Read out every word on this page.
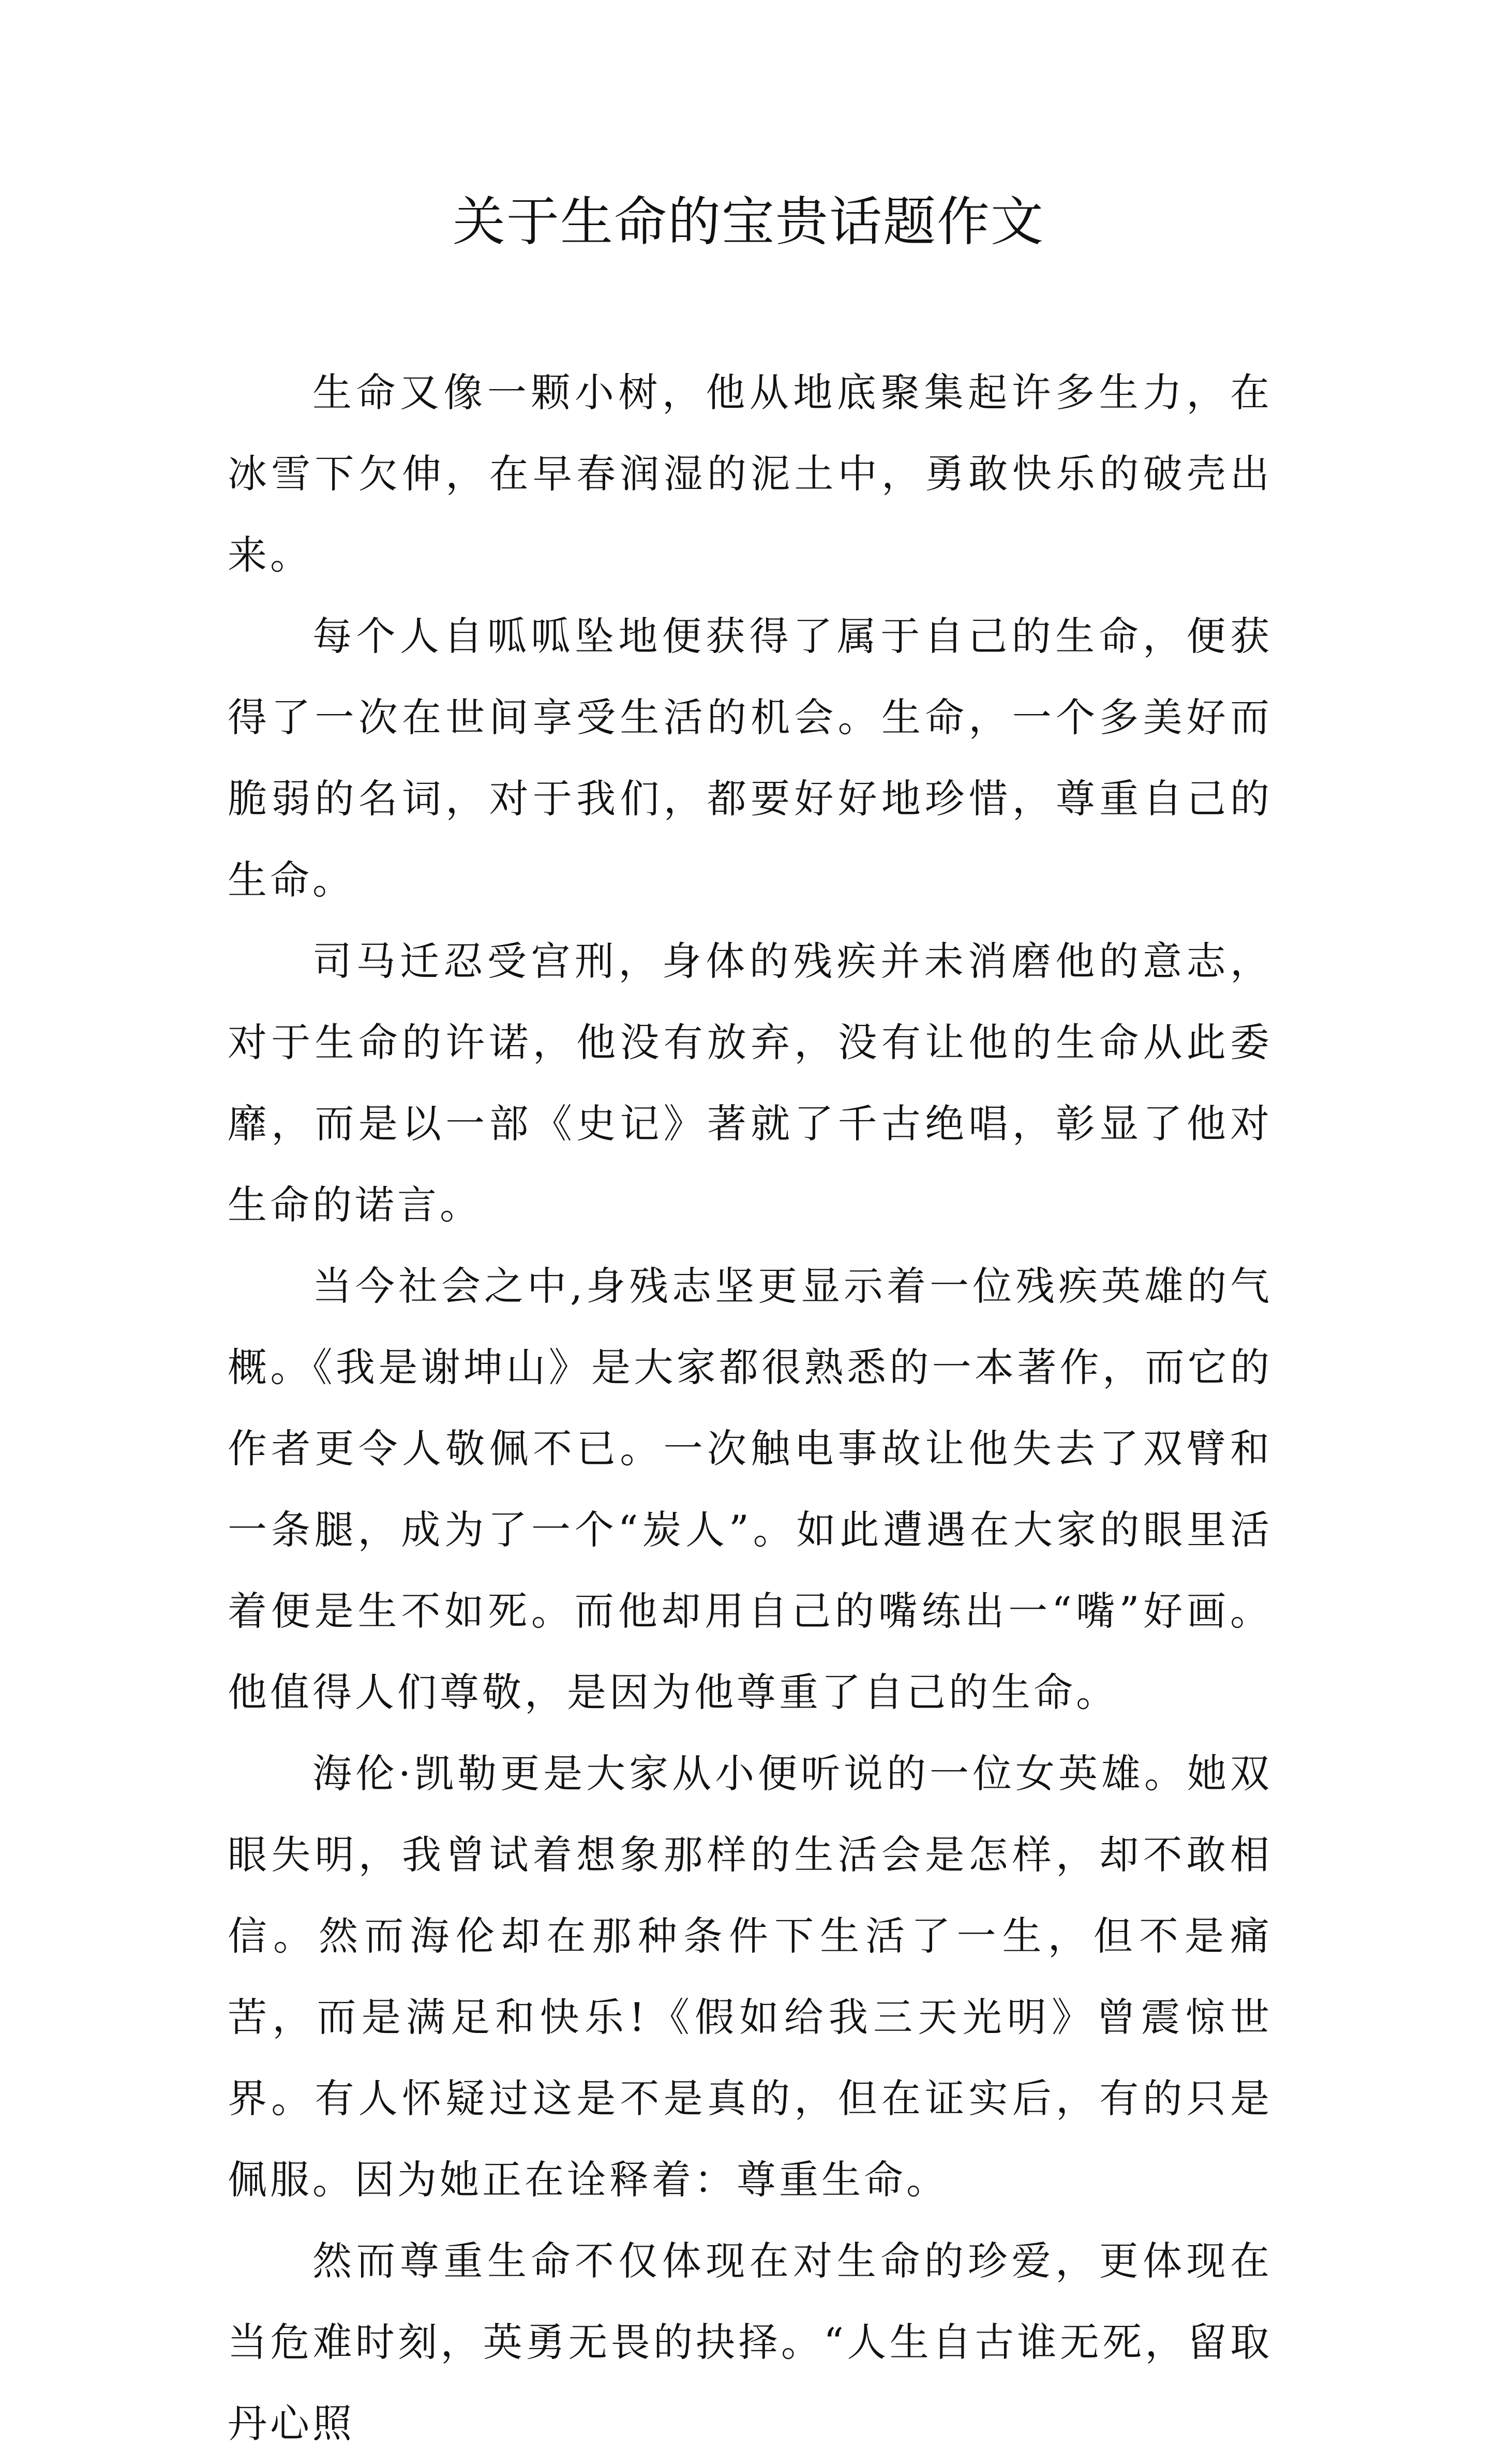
关于生命的宝贵话题作文

生命又像一颗小树，他从地底聚集起许多生力，在冰雪下欠伸，在早春润湿的泥土中，勇敢快乐的破壳出来。

每个人自呱呱坠地便获得了属于自己的生命，便获得了一次在世间享受生活的机会。生命，一个多美好而脆弱的名词，对于我们，都要好好地珍惜，尊重自己的生命。

司马迁忍受宫刑，身体的残疾并未消磨他的意志，对于生命的许诺，他没有放弃，没有让他的生命从此委靡，而是以一部《史记》著就了千古绝唱，彰显了他对生命的诺言。

当今社会之中,身残志坚更显示着一位残疾英雄的气概。《我是谢坤山》是大家都很熟悉的一本著作，而它的作者更令人敬佩不已。一次触电事故让他失去了双臂和一条腿，成为了一个“炭人”。如此遭遇在大家的眼里活着便是生不如死。而他却用自己的嘴练出一“嘴”好画。他值得人们尊敬，是因为他尊重了自己的生命。

海伦·凯勒更是大家从小便听说的一位女英雄。她双眼失明，我曾试着想象那样的生活会是怎样，却不敢相信。然而海伦却在那种条件下生活了一生，但不是痛苦，而是满足和快乐!《假如给我三天光明》曾震惊世界。有人怀疑过这是不是真的，但在证实后，有的只是佩服。因为她正在诠释着：尊重生命。

然而尊重生命不仅体现在对生命的珍爱，更体现在当危难时刻，英勇无畏的抉择。“人生自古谁无死，留取丹心照
